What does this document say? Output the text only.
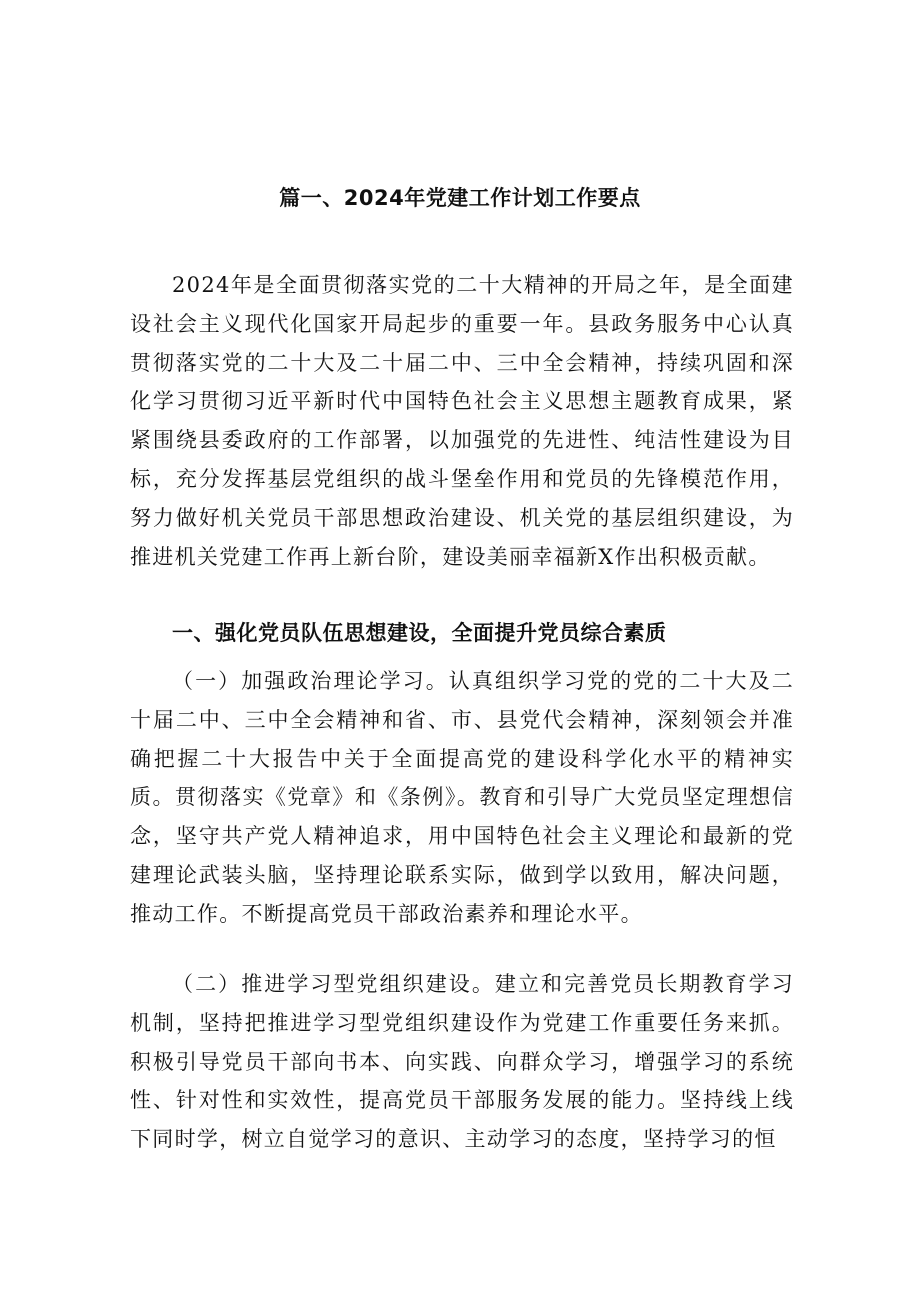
篇一、2024年党建工作计划工作要点

2024年是全面贯彻落实党的二十大精神的开局之年，是全面建设社会主义现代化国家开局起步的重要一年。县政务服务中心认真贯彻落实党的二十大及二十届二中、三中全会精神，持续巩固和深化学习贯彻习近平新时代中国特色社会主义思想主题教育成果，紧紧围绕县委政府的工作部署，以加强党的先进性、纯洁性建设为目标，充分发挥基层党组织的战斗堡垒作用和党员的先锋模范作用，努力做好机关党员干部思想政治建设、机关党的基层组织建设，为推进机关党建工作再上新台阶，建设美丽幸福新X作出积极贡献。

一、强化党员队伍思想建设，全面提升党员综合素质

（一）加强政治理论学习。认真组织学习党的党的二十大及二十届二中、三中全会精神和省、市、县党代会精神，深刻领会并准确把握二十大报告中关于全面提高党的建设科学化水平的精神实质。贯彻落实《党章》和《条例》。教育和引导广大党员坚定理想信念，坚守共产党人精神追求，用中国特色社会主义理论和最新的党建理论武装头脑，坚持理论联系实际，做到学以致用，解决问题，推动工作。不断提高党员干部政治素养和理论水平。

（二）推进学习型党组织建设。建立和完善党员长期教育学习机制，坚持把推进学习型党组织建设作为党建工作重要任务来抓。积极引导党员干部向书本、向实践、向群众学习，增强学习的系统性、针对性和实效性，提高党员干部服务发展的能力。坚持线上线下同时学，树立自觉学习的意识、主动学习的态度，坚持学习的恒
